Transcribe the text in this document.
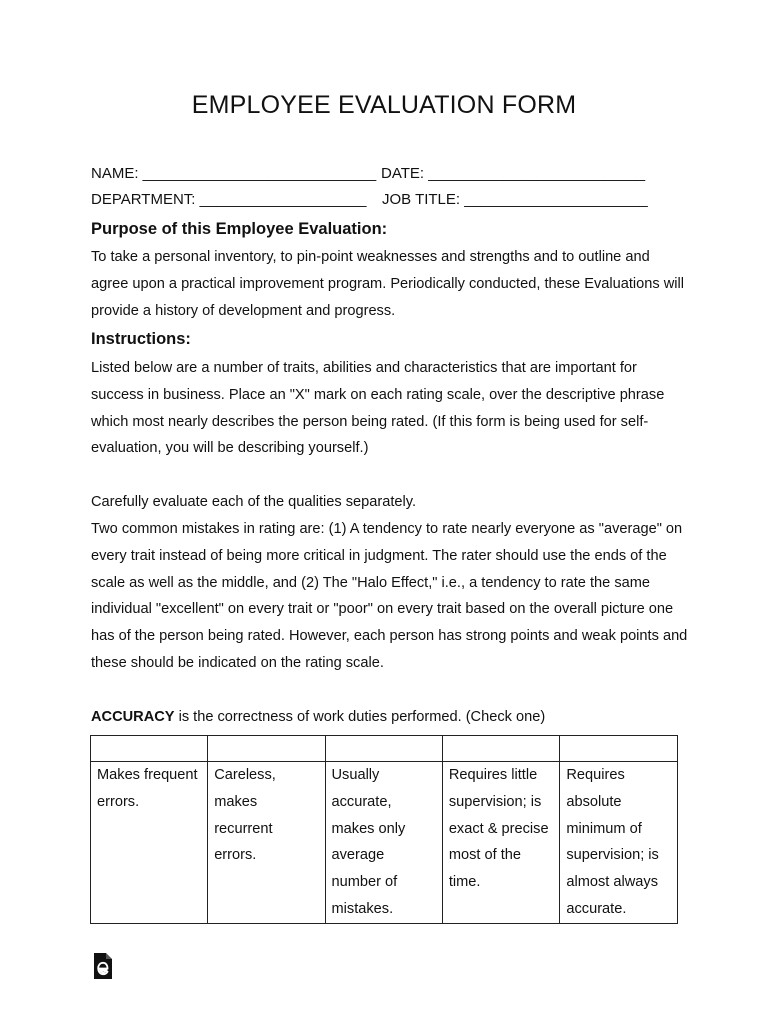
EMPLOYEE EVALUATION FORM
NAME: ____________________________ DATE: __________________________
DEPARTMENT: ____________________ JOB TITLE: ______________________
Purpose of this Employee Evaluation:

To take a personal inventory, to pin-point weaknesses and strengths and to outline and agree upon a practical improvement program. Periodically conducted, these Evaluations will provide a history of development and progress.

Instructions:

Listed below are a number of traits, abilities and characteristics that are important for success in business. Place an "X" mark on each rating scale, over the descriptive phrase which most nearly describes the person being rated. (If this form is being used for self-evaluation, you will be describing yourself.)

Carefully evaluate each of the qualities separately.

Two common mistakes in rating are: (1) A tendency to rate nearly everyone as "average" on every trait instead of being more critical in judgment. The rater should use the ends of the scale as well as the middle, and (2) The "Halo Effect," i.e., a tendency to rate the same individual "excellent" on every trait or "poor" on every trait based on the overall picture one has of the person being rated. However, each person has strong points and weak points and these should be indicated on the rating scale.

ACCURACY is the correctness of work duties performed. (Check one)

Makes frequent errors.	Careless, makes recurrent errors.	Usually accurate, makes only average number of mistakes.	Requires little supervision; is exact & precise most of the time.	Requires absolute minimum of supervision; is almost always accurate.
